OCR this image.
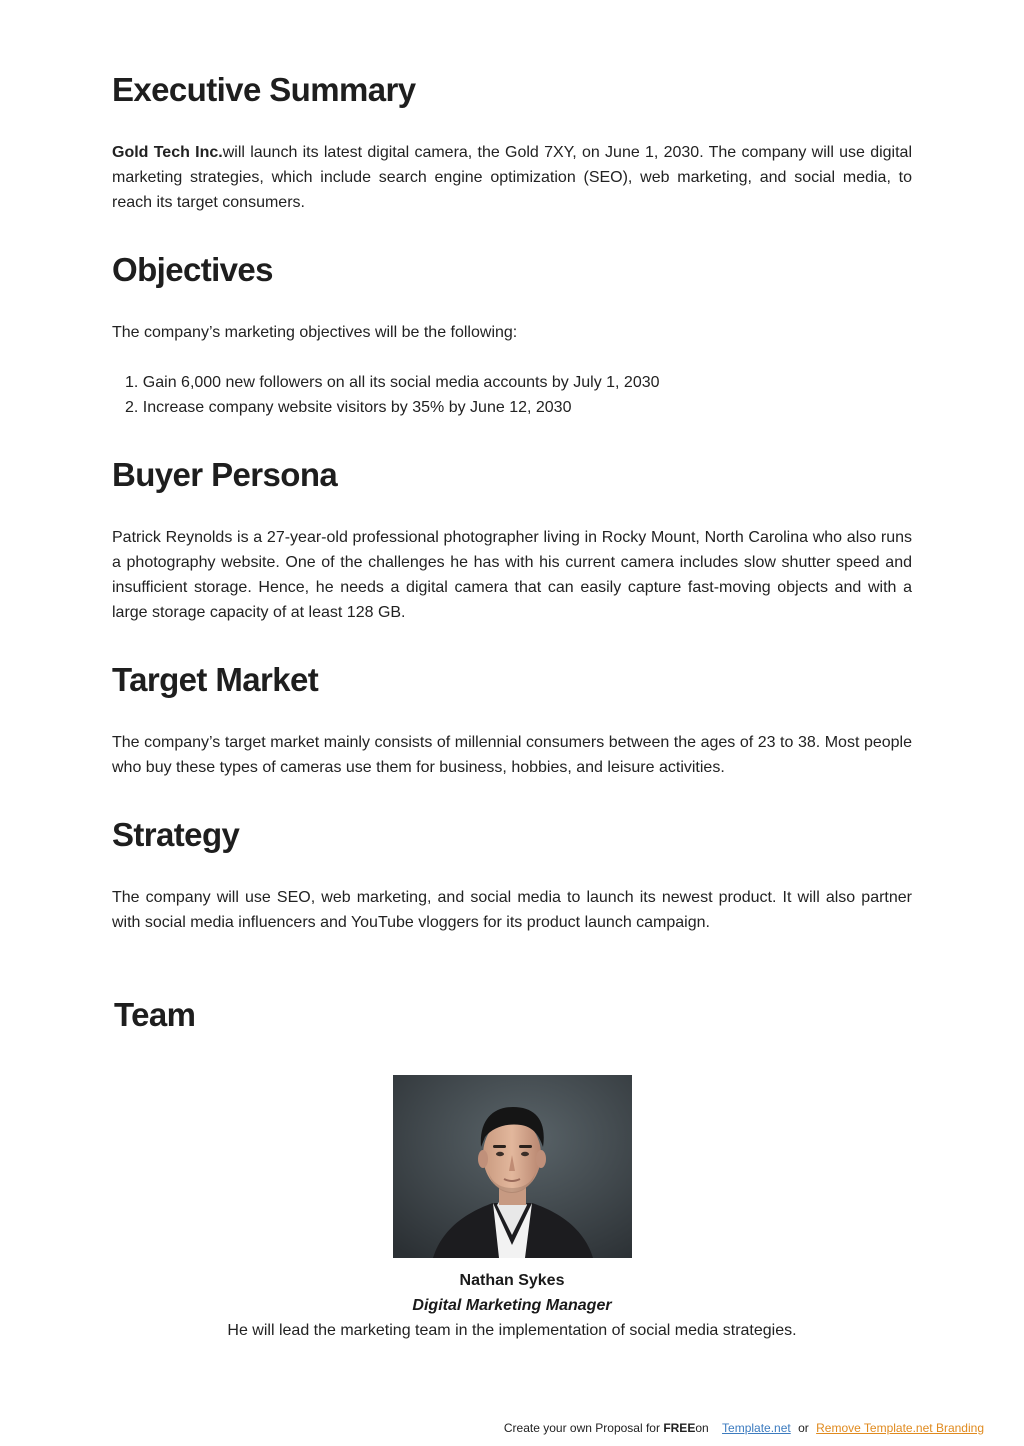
Executive Summary

Gold Tech Inc.will launch its latest digital camera, the Gold 7XY, on June 1, 2030. The company will use digital marketing strategies, which include search engine optimization (SEO), web marketing, and social media, to reach its target consumers.

Objectives

The company’s marketing objectives will be the following:

1. Gain 6,000 new followers on all its social media accounts by July 1, 2030
2. Increase company website visitors by 35% by June 12, 2030
Buyer Persona

Patrick Reynolds is a 27-year-old professional photographer living in Rocky Mount, North Carolina who also runs a photography website. One of the challenges he has with his current camera includes slow shutter speed and insufficient storage. Hence, he needs a digital camera that can easily capture fast-moving objects and with a large storage capacity of at least 128 GB.

Target Market

The company’s target market mainly consists of millennial consumers between the ages of 23 to 38. Most people who buy these types of cameras use them for business, hobbies, and leisure activities.

Strategy

The company will use SEO, web marketing, and social media to launch its newest product. It will also partner with social media influencers and YouTube vloggers for its product launch campaign.

Team
Nathan Sykes
Digital Marketing Manager
He will lead the marketing team in the implementation of social media strategies.
Create your own Proposal for FREEon Template.net or Remove Template.net Branding
